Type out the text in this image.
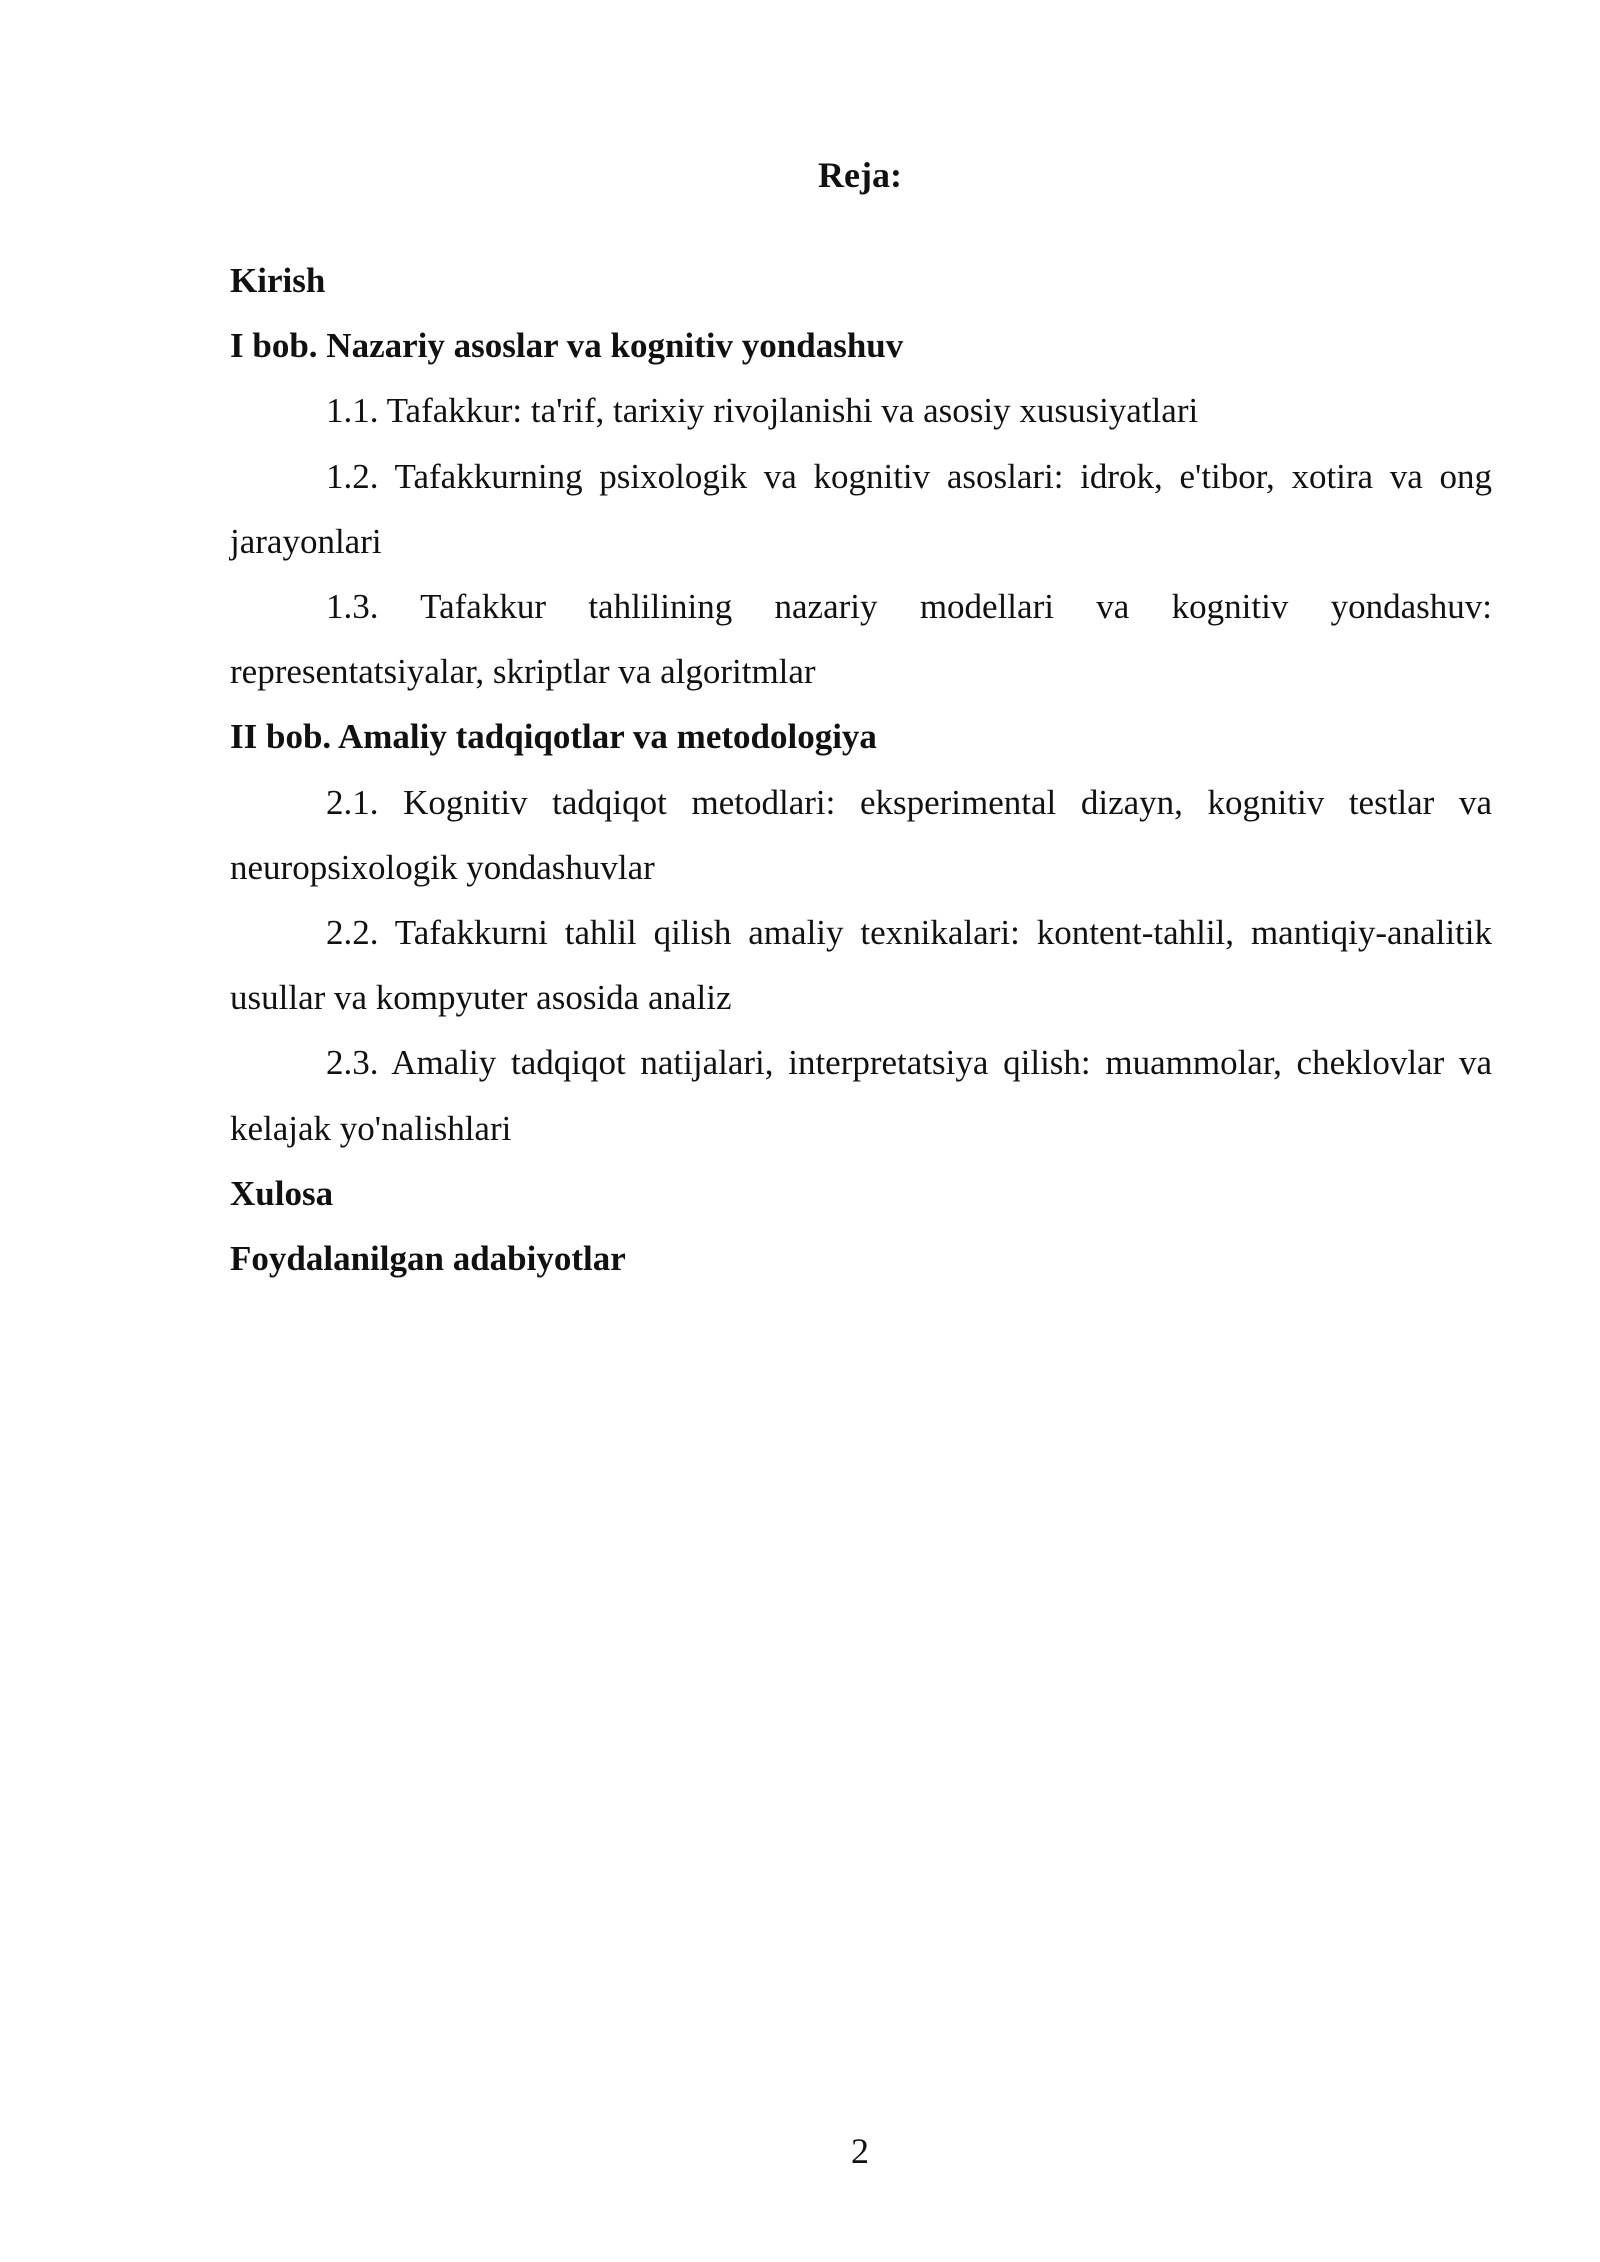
Reja:

Kirish

I bob. Nazariy asoslar va kognitiv yondashuv

1.1. Tafakkur: ta'rif, tarixiy rivojlanishi va asosiy xususiyatlari

1.2. Tafakkurning psixologik va kognitiv asoslari: idrok, e'tibor, xotira va ong jarayonlari

1.3. Tafakkur tahlilining nazariy modellari va kognitiv yondashuv: representatsiyalar, skriptlar va algoritmlar

II bob. Amaliy tadqiqotlar va metodologiya

2.1. Kognitiv tadqiqot metodlari: eksperimental dizayn, kognitiv testlar va neuropsixologik yondashuvlar

2.2. Tafakkurni tahlil qilish amaliy texnikalari: kontent-tahlil, mantiqiy-analitik usullar va kompyuter asosida analiz

2.3. Amaliy tadqiqot natijalari, interpretatsiya qilish: muammolar, cheklovlar va kelajak yo'nalishlari

Xulosa

Foydalanilgan adabiyotlar

2
